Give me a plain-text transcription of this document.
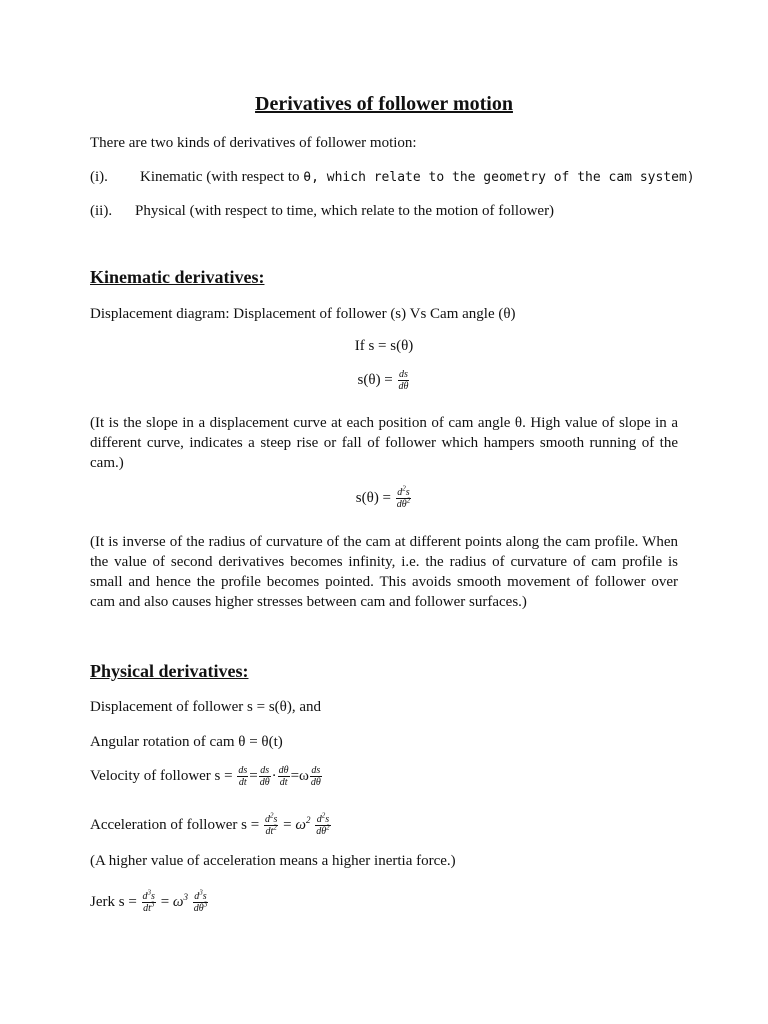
Derivatives of follower motion

There are two kinds of derivatives of follower motion:

(i). Kinematic (with respect to θ, which relate to the geometry of the cam system)
(ii). Physical (with respect to time, which relate to the motion of follower)
Kinematic derivatives:

Displacement diagram: Displacement of follower (s) Vs Cam angle (θ)

If s = s(θ)

$s(\theta) = \frac{ds}{d\theta}$

(It is the slope in a displacement curve at each position of cam angle θ. High value of slope in a different curve, indicates a steep rise or fall of follower which hampers smooth running of the cam.)

$s(\theta) = \frac{d^2s}{d\theta^2}$

(It is inverse of the radius of curvature of the cam at different points along the cam profile. When the value of second derivatives becomes infinity, i.e. the radius of curvature of cam profile is small and hence the profile becomes pointed. This avoids smooth movement of follower over cam and also causes higher stresses between cam and follower surfaces.)

Physical derivatives:

Displacement of follower s = s(θ), and

Angular rotation of cam θ = θ(t)

Velocity of follower $s = \frac{ds}{dt} = \frac{ds}{d\theta} \cdot \frac{d\theta}{dt} =\omega \frac{ds}{d\theta}$
Acceleration of follower $s = \frac{d^2s}{dt^2} = \omega^2 \frac{d^2s}{d\theta^2}$

(A higher value of acceleration means a higher inertia force.)

Jerk $s = \frac{d^3s}{dt^3} = \omega^3 \frac{d^3s}{d\theta^3}$
